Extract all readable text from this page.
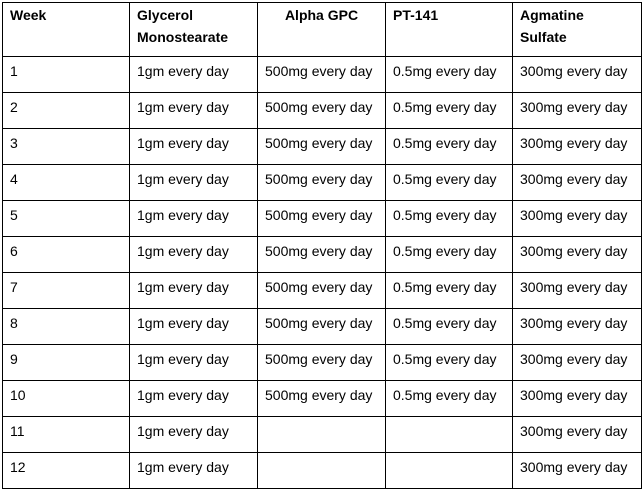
Week	Glycerol Monostearate	Alpha GPC	PT-141	Agmatine Sulfate
1	1gm every day	500mg every day	0.5mg every day	300mg every day
2	1gm every day	500mg every day	0.5mg every day	300mg every day
3	1gm every day	500mg every day	0.5mg every day	300mg every day
4	1gm every day	500mg every day	0.5mg every day	300mg every day
5	1gm every day	500mg every day	0.5mg every day	300mg every day
6	1gm every day	500mg every day	0.5mg every day	300mg every day
7	1gm every day	500mg every day	0.5mg every day	300mg every day
8	1gm every day	500mg every day	0.5mg every day	300mg every day
9	1gm every day	500mg every day	0.5mg every day	300mg every day
10	1gm every day	500mg every day	0.5mg every day	300mg every day
11	1gm every day			300mg every day
12	1gm every day			300mg every day
